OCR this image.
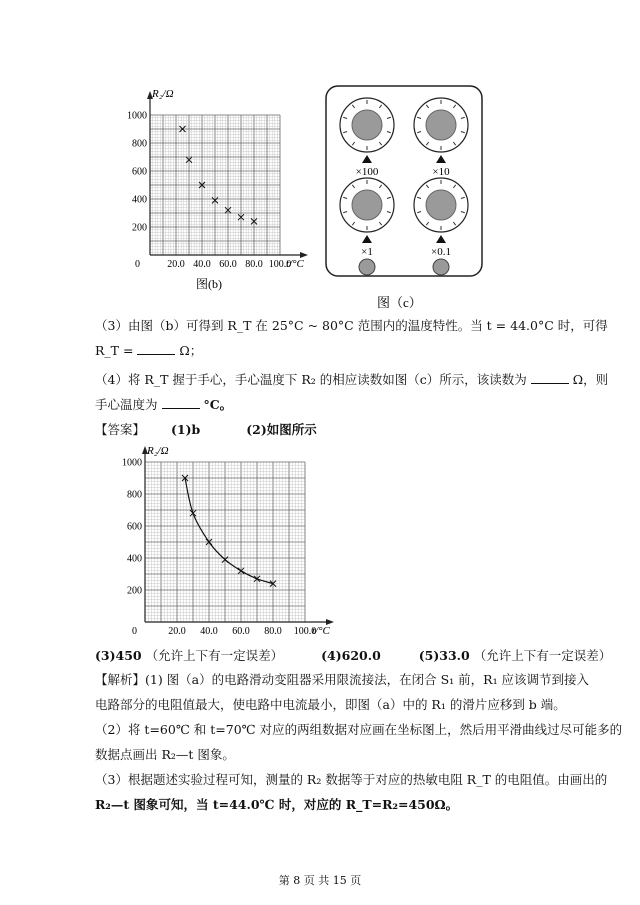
R₂/Ω
t/°C
0
200
400
600
800
1000
20.0 40.0 60.0 80.0 100.0
图(b)
×100	×10
×1	×0.1
图（c）
（3）由图（b）可得到 R_T 在 25°C ~ 80°C 范围内的温度特性。当 t = 44.0°C 时，可得
R_T =	Ω；
（4）将 R_T 握于手心，手心温度下 R₂ 的相应读数如图（c）所示，该读数为	Ω，则
手心温度为	°C。
【答案】 (1)b	(2)如图所示
R₂/Ω
t/°C
0
200
400
600
800
1000
20.0 40.0 60.0 80.0 100.0
(3)450 （允许上下有一定误差）	(4)620.0	(5)33.0 （允许上下有一定误差）
【解析】(1) 图（a）的电路滑动变阻器采用限流接法，在闭合 S₁ 前，R₁ 应该调节到接入
电路部分的电阻值最大，使电路中电流最小，即图（a）中的 R₁ 的滑片应移到 b 端。
（2）将 t=60℃ 和 t=70℃ 对应的两组数据对应画在坐标图上，然后用平滑曲线过尽可能多的
数据点画出 R₂—t 图象。
（3）根据题述实验过程可知，测量的 R₂ 数据等于对应的热敏电阻 R_T 的电阻值。由画出的
R₂—t 图象可知，当 t=44.0℃ 时，对应的 R_T=R₂=450Ω。
第 8 页 共 15 页
